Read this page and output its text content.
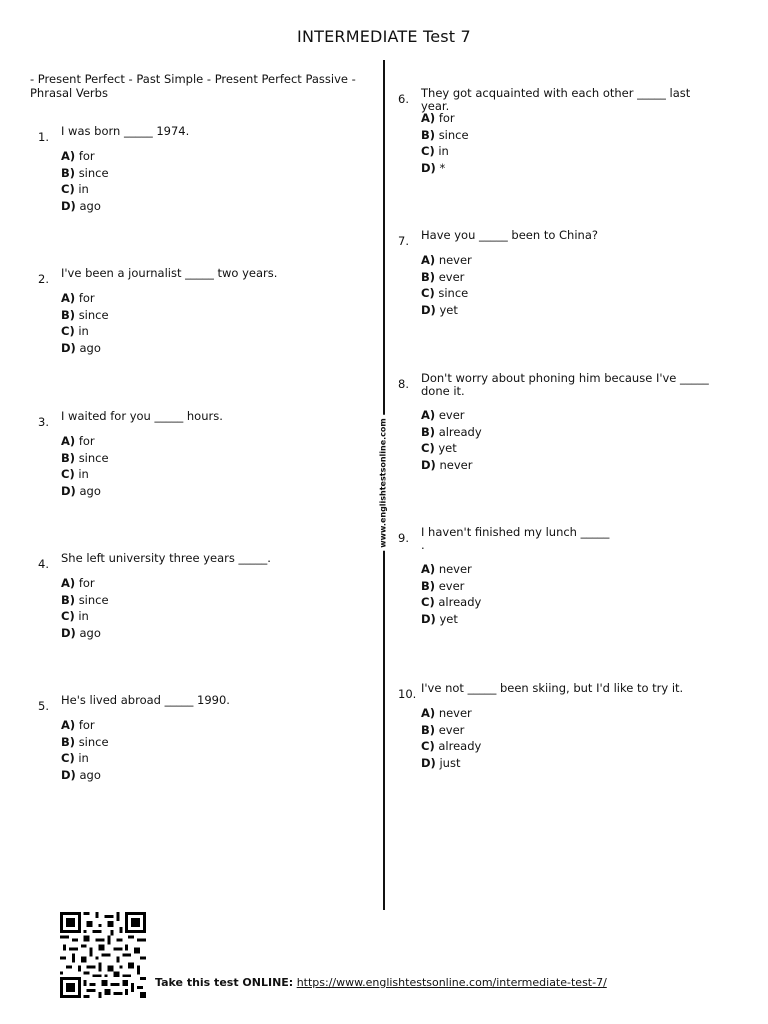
INTERMEDIATE Test 7
- Present Perfect - Past Simple - Present Perfect Passive - Phrasal Verbs
www.englishtestsonline.com
1. I was born _____ 1974.
A) for
B) since
C) in
D) ago
2. I've been a journalist _____ two years.
A) for
B) since
C) in
D) ago
3. I waited for you _____ hours.
A) for
B) since
C) in
D) ago
4. She left university three years _____.
A) for
B) since
C) in
D) ago
5. He's lived abroad _____ 1990.
A) for
B) since
C) in
D) ago
6. They got acquainted with each other _____ last year.
A) for
B) since
C) in
D) *
7. Have you _____ been to China?
A) never
B) ever
C) since
D) yet
8. Don't worry about phoning him because I've _____ done it.
A) ever
B) already
C) yet
D) never
9. I haven't finished my lunch _____
.
A) never
B) ever
C) already
D) yet
10. I've not _____ been skiing, but I'd like to try it.
A) never
B) ever
C) already
D) just
Take this test ONLINE: https://www.englishtestsonline.com/intermediate-test-7/
